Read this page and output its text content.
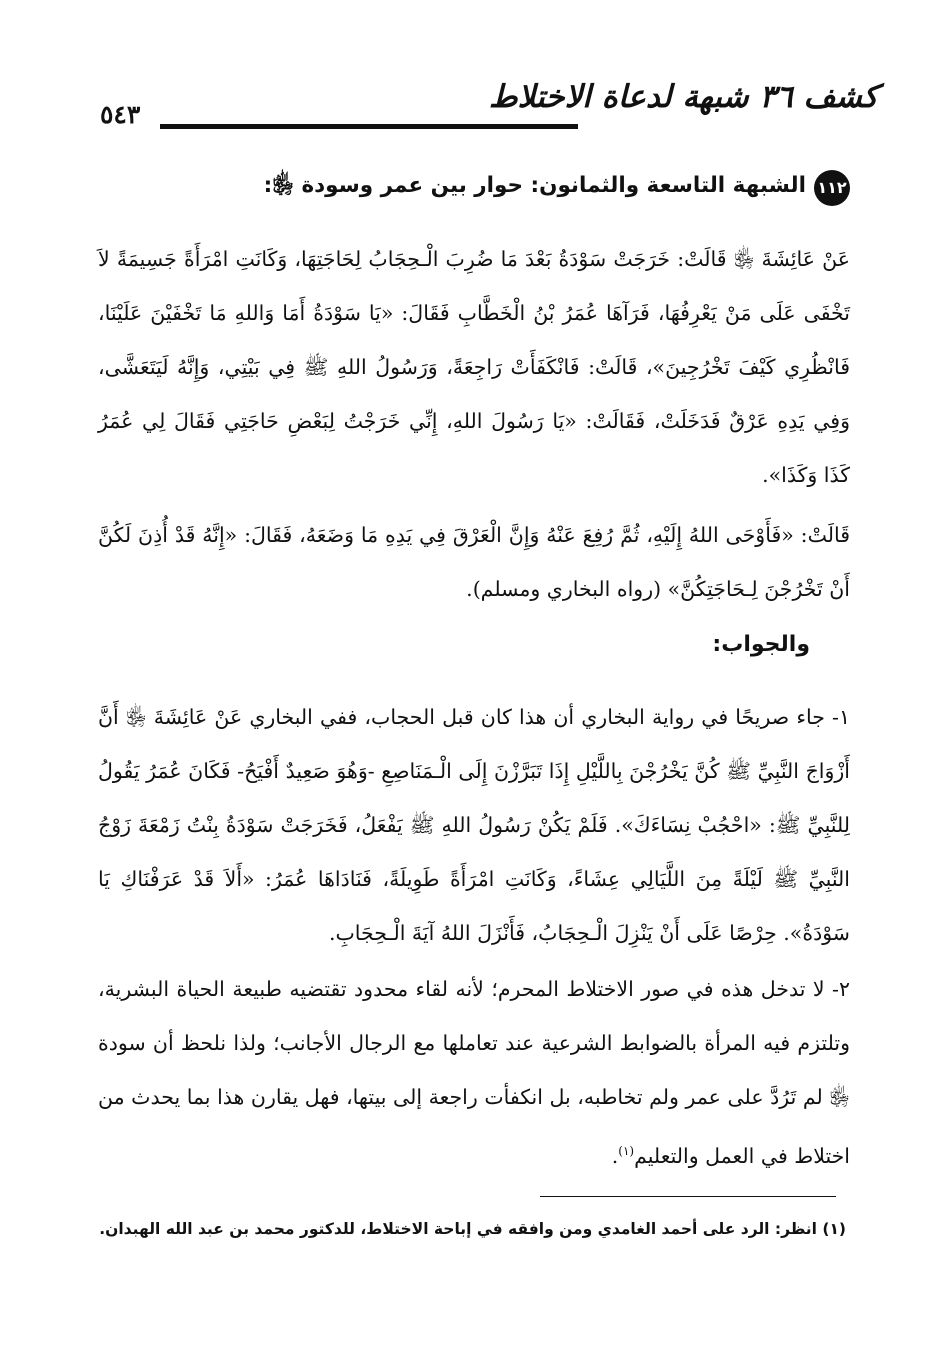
كشف ٣٦ شبهة لدعاة الاختلاط
٥٤٣
١١٢
الشبهة التاسعة والثمانون: حوار بين عمر وسودة ﵂:

عَنْ عَائِشَةَ ﵂ قَالَتْ: خَرَجَتْ سَوْدَةُ بَعْدَ مَا ضُرِبَ الْـحِجَابُ لِحَاجَتِهَا، وَكَانَتِ امْرَأَةً جَسِيمَةً لاَ تَخْفَى عَلَى مَنْ يَعْرِفُهَا، فَرَآهَا عُمَرُ بْنُ الْخَطَّابِ فَقَالَ: «يَا سَوْدَةُ أَمَا وَاللهِ مَا تَخْفَيْنَ عَلَيْنَا، فَانْظُرِي كَيْفَ تَخْرُجِينَ»، قَالَتْ: فَانْكَفَأَتْ رَاجِعَةً، وَرَسُولُ اللهِ ﷺ فِي بَيْتِي، وَإِنَّهُ لَيَتَعَشَّى، وَفِي يَدِهِ عَرْقٌ فَدَخَلَتْ، فَقَالَتْ: «يَا رَسُولَ اللهِ، إِنِّي خَرَجْتُ لِبَعْضِ حَاجَتِي فَقَالَ لِي عُمَرُ كَذَا وَكَذَا».

قَالَتْ: «فَأَوْحَى اللهُ إِلَيْهِ، ثُمَّ رُفِعَ عَنْهُ وَإِنَّ الْعَرْقَ فِي يَدِهِ مَا وَضَعَهُ، فَقَالَ: «إِنَّهُ قَدْ أُذِنَ لَكُنَّ أَنْ تَخْرُجْنَ لِـحَاجَتِكُنَّ» (رواه البخاري ومسلم).

والجواب:

١- جاء صريحًا في رواية البخاري أن هذا كان قبل الحجاب، ففي البخاري عَنْ عَائِشَةَ ﵂ أَنَّ أَزْوَاجَ النَّبِيِّ ﷺ كُنَّ يَخْرُجْنَ بِاللَّيْلِ إِذَا تَبَرَّزْنَ إِلَى الْـمَنَاصِعِ -وَهُوَ صَعِيدٌ أَفْيَحُ- فَكَانَ عُمَرُ يَقُولُ لِلنَّبِيِّ ﷺ: «احْجُبْ نِسَاءَكَ». فَلَمْ يَكُنْ رَسُولُ اللهِ ﷺ يَفْعَلُ، فَخَرَجَتْ سَوْدَةُ بِنْتُ زَمْعَةَ زَوْجُ النَّبِيِّ ﷺ لَيْلَةً مِنَ اللَّيَالِي عِشَاءً، وَكَانَتِ امْرَأَةً طَوِيلَةً، فَنَادَاهَا عُمَرُ: «أَلاَ قَدْ عَرَفْنَاكِ يَا سَوْدَةُ». حِرْصًا عَلَى أَنْ يَنْزِلَ الْـحِجَابُ، فَأَنْزَلَ اللهُ آيَةَ الْـحِجَابِ.

٢- لا تدخل هذه في صور الاختلاط المحرم؛ لأنه لقاء محدود تقتضيه طبيعة الحياة البشرية، وتلتزم فيه المرأة بالضوابط الشرعية عند تعاملها مع الرجال الأجانب؛ ولذا نلحظ أن سودة ﵂ لم تَرُدَّ على عمر ولم تخاطبه، بل انكفأت راجعة إلى بيتها، فهل يقارن هذا بما يحدث من اختلاط في العمل والتعليم$^{(١)}$.

(١) انظر: الرد على أحمد الغامدي ومن وافقه في إباحة الاختلاط، للدكتور محمد بن عبد الله الهبدان.
